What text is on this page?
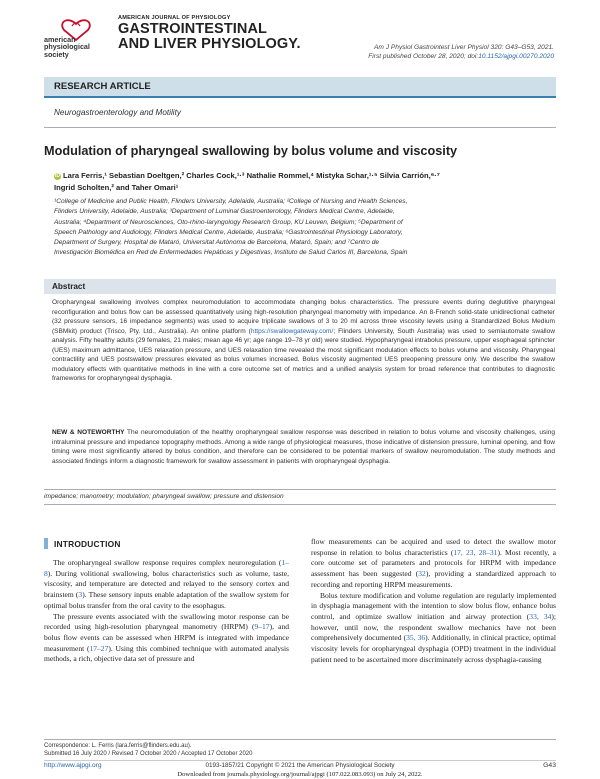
american
physiological
society
AMERICAN JOURNAL OF PHYSIOLOGY
GASTROINTESTINAL
AND LIVER PHYSIOLOGY.	Am J Physiol Gastrointest Liver Physiol 320: G43–G53, 2021.
First published October 28, 2020; doi:10.1152/ajpgi.00270.2020
RESEARCH ARTICLE
Neurogastroenterology and Motility
Modulation of pharyngeal swallowing by bolus volume and viscosity
iD Lara Ferris,¹ Sebastian Doeltgen,² Charles Cock,¹·³ Nathalie Rommel,⁴ Mistyka Schar,¹·⁵ Silvia Carrión,⁶·⁷
Ingrid Scholten,² and Taher Omari¹
¹College of Medicine and Public Health, Flinders University, Adelaide, Australia; ²College of Nursing and Health Sciences,
Flinders University, Adelaide, Australia; ³Department of Luminal Gastroenterology, Flinders Medical Centre, Adelaide,
Australia; ⁴Department of Neurosciences, Oto-rhino-laryngology Research Group, KU Leuven, Belgium; ⁵Department of
Speech Pathology and Audiology, Flinders Medical Centre, Adelaide, Australia; ⁶Gastrointestinal Physiology Laboratory,
Department of Surgery, Hospital de Mataró, Universitat Autònoma de Barcelona, Mataró, Spain; and ⁷Centro de
Investigación Biomédica en Red de Enfermedades Hepáticas y Digestivas, Instituto de Salud Carlos III, Barcelona, Spain
Abstract
Oropharyngeal swallowing involves complex neuromodulation to accommodate changing bolus characteristics. The pressure events during deglutitive pharyngeal reconfiguration and bolus flow can be assessed quantitatively using high-resolution pharyngeal manometry with impedance. An 8-French solid-state unidirectional catheter (32 pressure sensors, 16 impedance segments) was used to acquire triplicate swallows of 3 to 20 ml across three viscosity levels using a Standardized Bolus Medium (SBMkit) product (Trisco, Pty. Ltd., Australia). An online platform (https://swallowgateway.com/; Flinders University, South Australia) was used to semiautomate swallow analysis. Fifty healthy adults (29 females, 21 males; mean age 46 yr; age range 19–78 yr old) were studied. Hypopharyngeal intrabolus pressure, upper esophageal sphincter (UES) maximum admittance, UES relaxation pressure, and UES relaxation time revealed the most significant modulation effects to bolus volume and viscosity. Pharyngeal contractility and UES postswallow pressures elevated as bolus volumes increased. Bolus viscosity augmented UES preopening pressure only. We describe the swallow modulatory effects with quantitative methods in line with a core outcome set of metrics and a unified analysis system for broad reference that contributes to diagnostic frameworks for oropharyngeal dysphagia.
NEW & NOTEWORTHY The neuromodulation of the healthy oropharyngeal swallow response was described in relation to bolus volume and viscosity challenges, using intraluminal pressure and impedance topography methods. Among a wide range of physiological measures, those indicative of distension pressure, luminal opening, and flow timing were most significantly altered by bolus condition, and therefore can be considered to be potential markers of swallow neuromodulation. The study methods and associated findings inform a diagnostic framework for swallow assessment in patients with oropharyngeal dysphagia.
impedance; manometry; modulation; pharyngeal swallow; pressure and distension
INTRODUCTION

The oropharyngeal swallow response requires complex neuroregulation (1–8). During volitional swallowing, bolus characteristics such as volume, taste, viscosity, and temperature are detected and relayed to the sensory cortex and brainstem (3). These sensory inputs enable adaptation of the swallow system for optimal bolus transfer from the oral cavity to the esophagus.

The pressure events associated with the swallowing motor response can be recorded using high-resolution pharyngeal manometry (HRPM) (9–17), and bolus flow events can be assessed when HRPM is integrated with impedance measurement (17–27). Using this combined technique with automated analysis methods, a rich, objective data set of pressure and

flow measurements can be acquired and used to detect the swallow motor response in relation to bolus characteristics (17, 23, 28–31). Most recently, a core outcome set of parameters and protocols for HRPM with impedance assessment has been suggested (32), providing a standardized approach to recording and reporting HRPM measurements.

Bolus texture modification and volume regulation are regularly implemented in dysphagia management with the intention to slow bolus flow, enhance bolus control, and optimize swallow initiation and airway protection (33, 34); however, until now, the respondent swallow mechanics have not been comprehensively documented (35, 36). Additionally, in clinical practice, optimal viscosity levels for oropharyngeal dysphagia (OPD) treatment in the individual patient need to be ascertained more discriminately across dysphagia-causing

Correspondence: L. Ferris (lara.ferris@flinders.edu.au).
Submitted 16 July 2020 / Revised 7 October 2020 / Accepted 17 October 2020
http://www.ajpgi.org	0193-1857/21 Copyright © 2021 the American Physiological Society	G43
Downloaded from journals.physiology.org/journal/ajpgi (107.022.083.093) on July 24, 2022.
